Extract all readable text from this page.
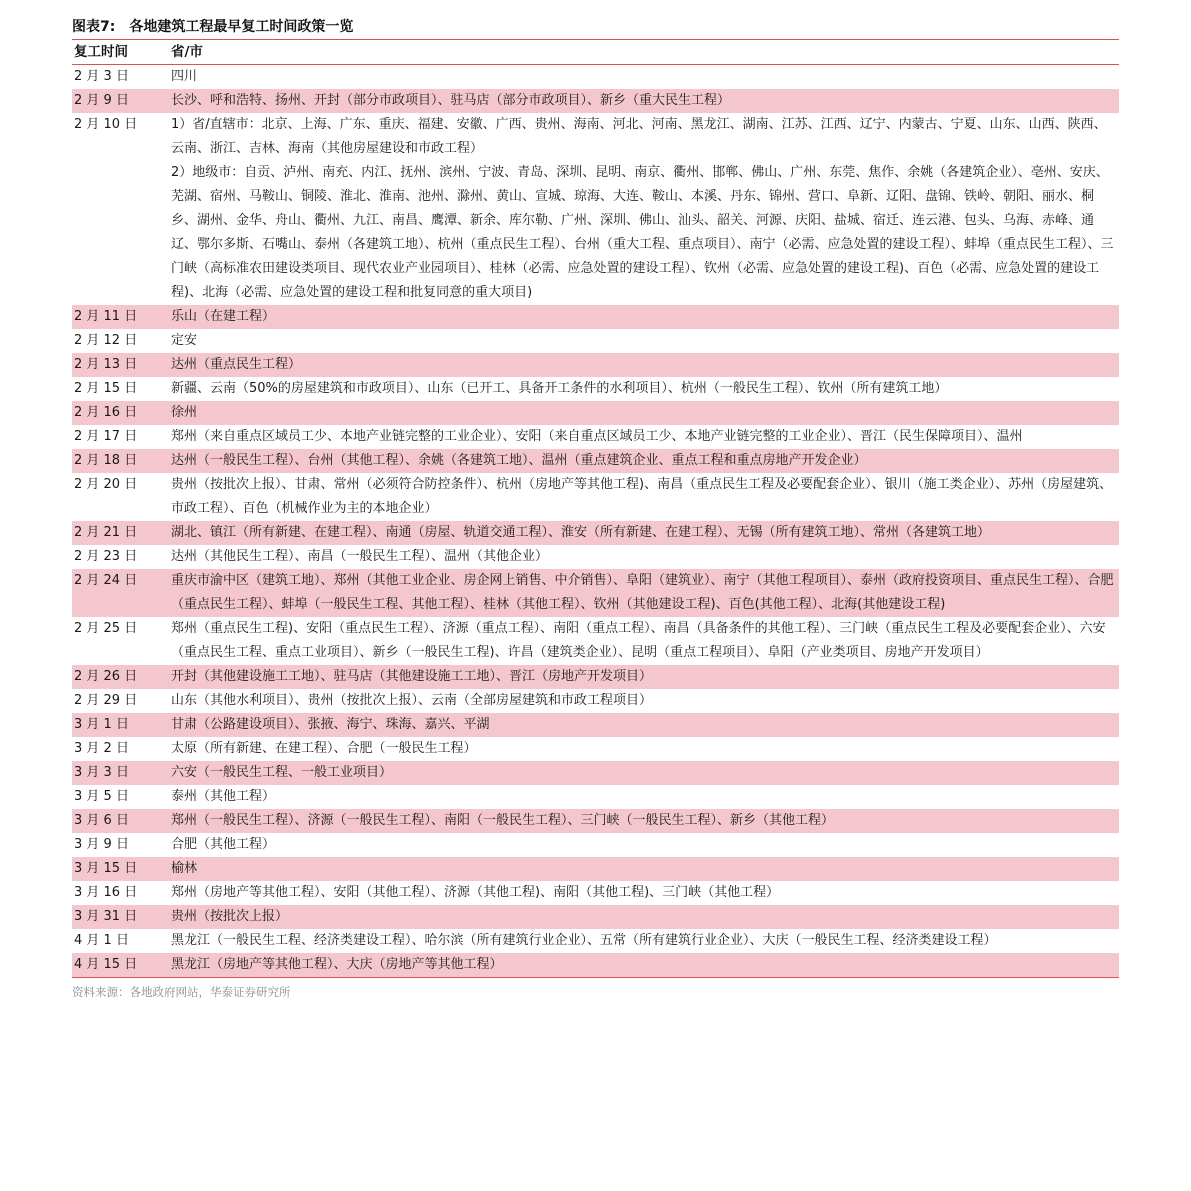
图表7: 各地建筑工程最早复工时间政策一览
复工时间	省/市
2 月 3 日	四川
2 月 9 日	长沙、呼和浩特、扬州、开封（部分市政项目）、驻马店（部分市政项目）、新乡（重大民生工程）
2 月 10 日	1）省/直辖市：北京、上海、广东、重庆、福建、安徽、广西、贵州、海南、河北、河南、黑龙江、湖南、江苏、江西、辽宁、内蒙古、宁夏、山东、山西、陕西、云南、浙江、吉林、海南（其他房屋建设和市政工程）
2）地级市：自贡、泸州、南充、内江、抚州、滨州、宁波、青岛、深圳、昆明、南京、衢州、邯郸、佛山、广州、东莞、焦作、余姚（各建筑企业）、亳州、安庆、芜湖、宿州、马鞍山、铜陵、淮北、淮南、池州、滁州、黄山、宣城、琼海、大连、鞍山、本溪、丹东、锦州、营口、阜新、辽阳、盘锦、铁岭、朝阳、丽水、桐乡、湖州、金华、舟山、衢州、九江、南昌、鹰潭、新余、库尔勒、广州、深圳、佛山、汕头、韶关、河源、庆阳、盐城、宿迁、连云港、包头、乌海、赤峰、通辽、鄂尔多斯、石嘴山、泰州（各建筑工地）、杭州（重点民生工程）、台州（重大工程、重点项目）、南宁（必需、应急处置的建设工程）、蚌埠（重点民生工程）、三门峡（高标准农田建设类项目、现代农业产业园项目）、桂林（必需、应急处置的建设工程）、钦州（必需、应急处置的建设工程)、百色（必需、应急处置的建设工程)、北海（必需、应急处置的建设工程和批复同意的重大项目)
2 月 11 日	乐山（在建工程）
2 月 12 日	定安
2 月 13 日	达州（重点民生工程）
2 月 15 日	新疆、云南（50%的房屋建筑和市政项目）、山东（已开工、具备开工条件的水利项目）、杭州（一般民生工程）、钦州（所有建筑工地）
2 月 16 日	徐州
2 月 17 日	郑州（来自重点区域员工少、本地产业链完整的工业企业）、安阳（来自重点区域员工少、本地产业链完整的工业企业）、晋江（民生保障项目）、温州
2 月 18 日	达州（一般民生工程）、台州（其他工程）、余姚（各建筑工地）、温州（重点建筑企业、重点工程和重点房地产开发企业）
2 月 20 日	贵州（按批次上报）、甘肃、常州（必须符合防控条件）、杭州（房地产等其他工程)、南昌（重点民生工程及必要配套企业）、银川（施工类企业）、苏州（房屋建筑、市政工程）、百色（机械作业为主的本地企业）
2 月 21 日	湖北、镇江（所有新建、在建工程）、南通（房屋、轨道交通工程）、淮安（所有新建、在建工程）、无锡（所有建筑工地）、常州（各建筑工地）
2 月 23 日	达州（其他民生工程）、南昌（一般民生工程）、温州（其他企业）
2 月 24 日	重庆市渝中区（建筑工地）、郑州（其他工业企业、房企网上销售、中介销售）、阜阳（建筑业）、南宁（其他工程项目）、泰州（政府投资项目、重点民生工程）、合肥（重点民生工程）、蚌埠（一般民生工程、其他工程）、桂林（其他工程）、钦州（其他建设工程)、百色(其他工程）、北海(其他建设工程)
2 月 25 日	郑州（重点民生工程)、安阳（重点民生工程）、济源（重点工程）、南阳（重点工程）、南昌（具备条件的其他工程）、三门峡（重点民生工程及必要配套企业）、六安（重点民生工程、重点工业项目）、新乡（一般民生工程)、许昌（建筑类企业）、昆明（重点工程项目）、阜阳（产业类项目、房地产开发项目）
2 月 26 日	开封（其他建设施工工地）、驻马店（其他建设施工工地）、晋江（房地产开发项目）
2 月 29 日	山东（其他水利项目）、贵州（按批次上报）、云南（全部房屋建筑和市政工程项目）
3 月 1 日	甘肃（公路建设项目）、张掖、海宁、珠海、嘉兴、平湖
3 月 2 日	太原（所有新建、在建工程）、合肥（一般民生工程）
3 月 3 日	六安（一般民生工程、一般工业项目）
3 月 5 日	泰州（其他工程）
3 月 6 日	郑州（一般民生工程）、济源（一般民生工程）、南阳（一般民生工程）、三门峡（一般民生工程）、新乡（其他工程）
3 月 9 日	合肥（其他工程）
3 月 15 日	榆林
3 月 16 日	郑州（房地产等其他工程）、安阳（其他工程）、济源（其他工程)、南阳（其他工程)、三门峡（其他工程）
3 月 31 日	贵州（按批次上报）
4 月 1 日	黑龙江（一般民生工程、经济类建设工程）、哈尔滨（所有建筑行业企业）、五常（所有建筑行业企业）、大庆（一般民生工程、经济类建设工程）
4 月 15 日	黑龙江（房地产等其他工程）、大庆（房地产等其他工程）
资料来源：各地政府网站，华泰证券研究所
